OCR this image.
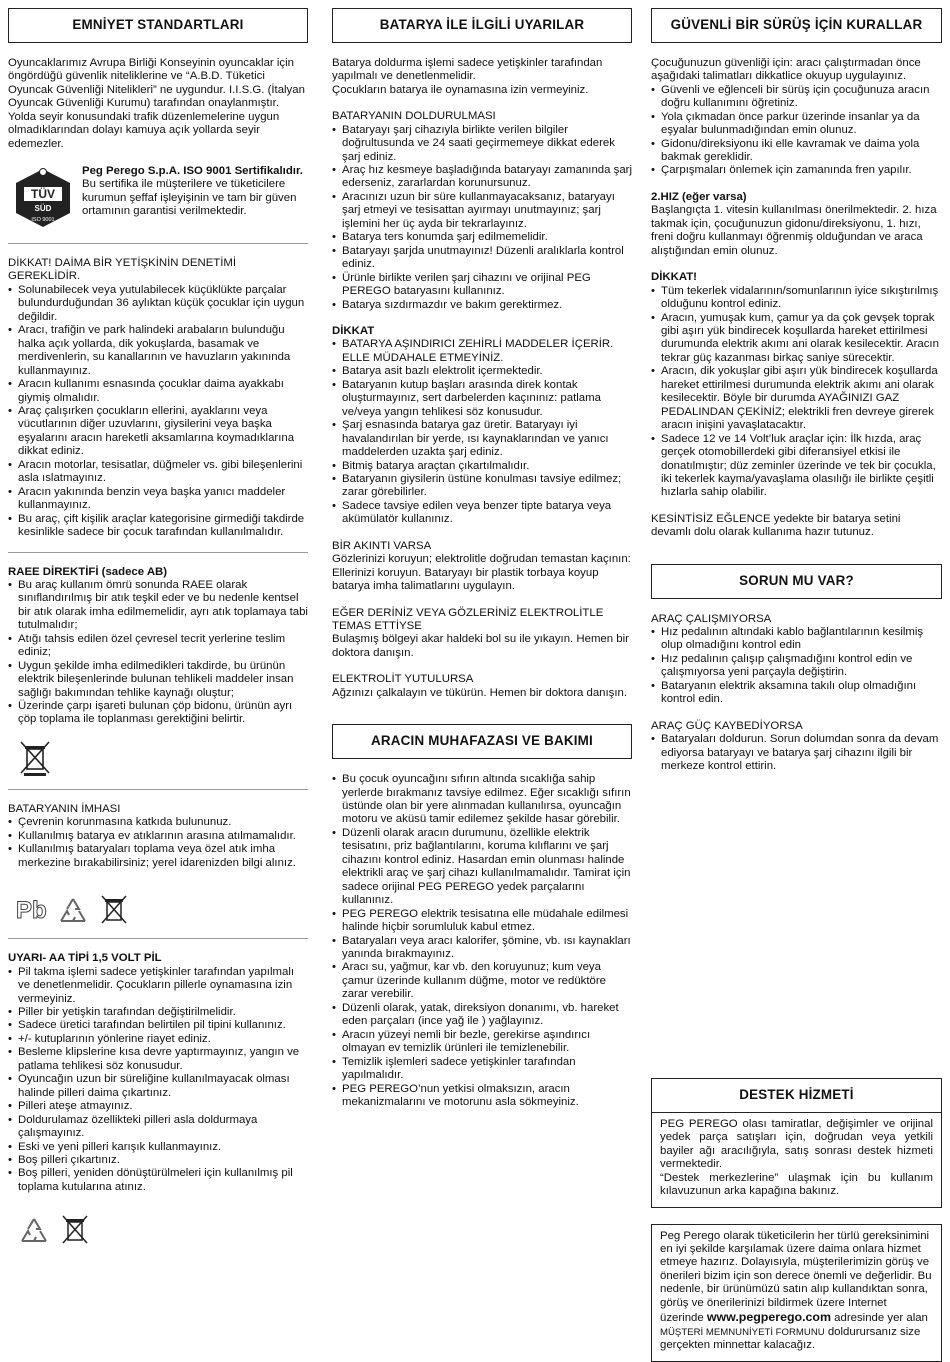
EMNİYET STANDARTLARI

Oyuncaklarımız Avrupa Birliği Konseyinin oyuncaklar için öngördüğü güvenlik niteliklerine ve “A.B.D. Tüketici Oyuncak Güvenliği Nitelikleri” ne uygundur. I.I.S.G. (İtalyan Oyuncak Güvenliği Kurumu) tarafından onaylanmıştır.

Yolda seyir konusundaki trafik düzenlemelerine uygun olmadıklarından dolayı kamuya açık yollarda seyir edemezler.

TÜV
SÜD
ISO 9001

Peg Perego S.p.A. ISO 9001 Sertifikalıdır.

Bu sertifika ile müşterilere ve tüketicilere kurumun şeffaf işleyişinin ve tam bir güven ortamının garantisi verilmektedir.

DİKKAT! DAİMA BİR YETİŞKİNİN DENETİMİ GEREKLİDİR.

• Solunabilecek veya yutulabilecek küçüklükte parçalar bulundurduğundan 36 aylıktan küçük çocuklar için uygun değildir.
• Aracı, trafiğin ve park halindeki arabaların bulunduğu halka açık yollarda, dik yokuşlarda, basamak ve merdivenlerin, su kanallarının ve havuzların yakınında kullanmayınız.
• Aracın kullanımı esnasında çocuklar daima ayakkabı giymiş olmalıdır.
• Araç çalışırken çocukların ellerini, ayaklarını veya vücutlarının diğer uzuvlarını, giysilerini veya başka eşyalarını aracın hareketli aksamlarına koymadıklarına dikkat ediniz.
• Aracın motorlar, tesisatlar, düğmeler vs. gibi bileşenlerini asla ıslatmayınız.
• Aracın yakınında benzin veya başka yanıcı maddeler kullanmayınız.
• Bu araç, çift kişilik araçlar kategorisine girmediği takdirde kesinlikle sadece bir çocuk tarafından kullanılmalıdır.

RAEE DİREKTİFİ (sadece AB)

• Bu araç kullanım ömrü sonunda RAEE olarak sınıflandırılmış bir atık teşkil eder ve bu nedenle kentsel bir atık olarak imha edilmemelidir, ayrı atık toplamaya tabi tutulmalıdır;
• Atığı tahsis edilen özel çevresel tecrit yerlerine teslim ediniz;
• Uygun şekilde imha edilmedikleri takdirde, bu ürünün elektrik bileşenlerinde bulunan tehlikeli maddeler insan sağlığı bakımından tehlike kaynağı oluştur;
• Üzerinde çarpı işareti bulunan çöp bidonu, ürünün ayrı çöp toplama ile toplanması gerektiğini belirtir.

BATARYANIN İMHASI

• Çevrenin korunmasına katkıda bulununuz.
• Kullanılmış batarya ev atıklarının arasına atılmamalıdır.
• Kullanılmış bataryaları toplama veya özel atık imha merkezine bırakabilirsiniz; yerel idarenizden bilgi alınız.
Pb

UYARI- AA TİPİ 1,5 VOLT PİL

• Pil takma işlemi sadece yetişkinler tarafından yapılmalı ve denetlenmelidir. Çocukların pillerle oynamasına izin vermeyiniz.
• Piller bir yetişkin tarafından değiştirilmelidir.
• Sadece üretici tarafından belirtilen pil tipini kullanınız.
• +/- kutuplarının yönlerine riayet ediniz.
• Besleme klipslerine kısa devre yaptırmayınız, yangın ve patlama tehlikesi söz konusudur.
• Oyuncağın uzun bir süreliğine kullanılmayacak olması halinde pilleri daima çıkartınız.
• Pilleri ateşe atmayınız.
• Doldurulamaz özellikteki pilleri asla doldurmaya çalışmayınız.
• Eski ve yeni pilleri karışık kullanmayınız.
• Boş pilleri çıkartınız.
• Boş pilleri, yeniden dönüştürülmeleri için kullanılmış pil toplama kutularına atınız.
BATARYA İLE İLGİLİ UYARILAR

Batarya doldurma işlemi sadece yetişkinler tarafından yapılmalı ve denetlenmelidir.

Çocukların batarya ile oynamasına izin vermeyiniz.

BATARYANIN DOLDURULMASI

• Bataryayı şarj cihazıyla birlikte verilen bilgiler doğrultusunda ve 24 saati geçirmemeye dikkat ederek şarj ediniz.
• Araç hız kesmeye başladığında bataryayı zamanında şarj ederseniz, zararlardan korunursunuz.
• Aracınızı uzun bir süre kullanmayacaksanız, bataryayı şarj etmeyi ve tesisattan ayırmayı unutmayınız; şarj işlemini her üç ayda bir tekrarlayınız.
• Batarya ters konumda şarj edilmemelidir.
• Bataryayı şarjda unutmayınız! Düzenli aralıklarla kontrol ediniz.
• Ürünle birlikte verilen şarj cihazını ve orijinal PEG PEREGO bataryasını kullanınız.
• Batarya sızdırmazdır ve bakım gerektirmez.

DİKKAT

• BATARYA AŞINDIRICI ZEHİRLİ MADDELER İÇERİR. ELLE MÜDAHALE ETMEYİNİZ.
• Batarya asit bazlı elektrolit içermektedir.
• Bataryanın kutup başları arasında direk kontak oluşturmayınız, sert darbelerden kaçınınız: patlama ve/veya yangın tehlikesi söz konusudur.
• Şarj esnasında batarya gaz üretir. Bataryayı iyi havalandırılan bir yerde, ısı kaynaklarından ve yanıcı maddelerden uzakta şarj ediniz.
• Bitmiş batarya araçtan çıkartılmalıdır.
• Bataryanın giysilerin üstüne konulması tavsiye edilmez; zarar görebilirler.
• Sadece tavsiye edilen veya benzer tipte batarya veya akümülatör kullanınız.

BİR AKINTI VARSA

Gözlerinizi koruyun; elektrolitle doğrudan temastan kaçının: Ellerinizi koruyun. Bataryayı bir plastik torbaya koyup batarya imha talimatlarını uygulayın.

EĞER DERİNİZ VEYA GÖZLERİNİZ ELEKTROLİTLE TEMAS ETTİYSE

Bulaşmış bölgeyi akar haldeki bol su ile yıkayın. Hemen bir doktora danışın.

ELEKTROLİT YUTULURSA

Ağzınızı çalkalayın ve tükürün. Hemen bir doktora danışın.

ARACIN MUHAFAZASI VE BAKIMI
• Bu çocuk oyuncağını sıfırın altında sıcaklığa sahip yerlerde bırakmanız tavsiye edilmez. Eğer sıcaklığı sıfırın üstünde olan bir yere alınmadan kullanılırsa, oyuncağın motoru ve aküsü tamir edilemez şekilde hasar görebilir.
• Düzenli olarak aracın durumunu, özellikle elektrik tesisatını, priz bağlantılarını, koruma kılıflarını ve şarj cihazını kontrol ediniz. Hasardan emin olunması halinde elektrikli araç ve şarj cihazı kullanılmamalıdır. Tamirat için sadece orijinal PEG PEREGO yedek parçalarını kullanınız.
• PEG PEREGO elektrik tesisatına elle müdahale edilmesi halinde hiçbir sorumluluk kabul etmez.
• Bataryaları veya aracı kalorifer, şömine, vb. ısı kaynakları yanında bırakmayınız.
• Aracı su, yağmur, kar vb. den koruyunuz; kum veya çamur üzerinde kullanım düğme, motor ve redüktöre zarar verebilir.
• Düzenli olarak, yatak, direksiyon donanımı, vb. hareket eden parçaları (ince yağ ile ) yağlayınız.
• Aracın yüzeyi nemli bir bezle, gerekirse aşındırıcı olmayan ev temizlik ürünleri ile temizlenebilir.
• Temizlik işlemleri sadece yetişkinler tarafından yapılmalıdır.
• PEG PEREGO’nun yetkisi olmaksızın, aracın mekanizmalarını ve motorunu asla sökmeyiniz.
GÜVENLİ BİR SÜRÜŞ İÇİN KURALLAR

Çocuğunuzun güvenliği için: aracı çalıştırmadan önce aşağıdaki talimatları dikkatlice okuyup uygulayınız.

• Güvenli ve eğlenceli bir sürüş için çocuğunuza aracın doğru kullanımını öğretiniz.
• Yola çıkmadan önce parkur üzerinde insanlar ya da eşyalar bulunmadığından emin olunuz.
• Gidonu/direksiyonu iki elle kavramak ve daima yola bakmak gereklidir.
• Çarpışmaları önlemek için zamanında fren yapılır.

2.HIZ (eğer varsa)

Başlangıçta 1. vitesin kullanılması önerilmektedir. 2. hıza takmak için, çocuğunuzun gidonu/direksiyonu, 1. hızı, freni doğru kullanmayı öğrenmiş olduğundan ve araca alıştığından emin olunuz.

DİKKAT!

• Tüm tekerlek vidalarının/somunlarının iyice sıkıştırılmış olduğunu kontrol ediniz.
• Aracın, yumuşak kum, çamur ya da çok gevşek toprak gibi aşırı yük bindirecek koşullarda hareket ettirilmesi durumunda elektrik akımı ani olarak kesilecektir. Aracın tekrar güç kazanması birkaç saniye sürecektir.
• Aracın, dik yokuşlar gibi aşırı yük bindirecek koşullarda hareket ettirilmesi durumunda elektrik akımı ani olarak kesilecektir. Böyle bir durumda AYAĞINIZI GAZ PEDALINDAN ÇEKİNİZ; elektrikli fren devreye girerek aracın inişini yavaşlatacaktır.
• Sadece 12 ve 14 Volt’luk araçlar için: İlk hızda, araç gerçek otomobillerdeki gibi diferansiyel etkisi ile donatılmıştır; düz zeminler üzerinde ve tek bir çocukla, iki tekerlek kayma/yavaşlama olasılığı ile birlikte çeşitli hızlarla sahip olabilir.

KESİNTİSİZ EĞLENCE yedekte bir batarya setini devamlı dolu olarak kullanıma hazır tutunuz.

SORUN MU VAR?

ARAÇ ÇALIŞMIYORSA

• Hız pedalının altındaki kablo bağlantılarının kesilmiş olup olmadığını kontrol edin
• Hız pedalının çalışıp çalışmadığını kontrol edin ve çalışmıyorsa yeni parçayla değiştirin.
• Bataryanın elektrik aksamına takılı olup olmadığını kontrol edin.

ARAÇ GÜÇ KAYBEDİYORSA

• Bataryaları doldurun. Sorun dolumdan sonra da devam ediyorsa bataryayı ve batarya şarj cihazını ilgili bir merkeze kontrol ettirin.
DESTEK HİZMETİ

PEG PEREGO olası tamiratlar, değişimler ve orijinal yedek parça satışları için, doğrudan veya yetkili bayiler ağı aracılığıyla, satış sonrası destek hizmeti vermektedir.

“Destek merkezlerine” ulaşmak için bu kullanım kılavuzunun arka kapağına bakınız.

Peg Perego olarak tüketicilerin her türlü gereksinimini en iyi şekilde karşılamak üzere daima onlara hizmet etmeye hazırız. Dolayısıyla, müşterilerimizin görüş ve önerileri bizim için son derece önemli ve değerlidir. Bu nedenle, bir ürünümüzü satın alıp kullandıktan sonra, görüş ve önerilerinizi bildirmek üzere Internet üzerinde www.pegperego.com adresinde yer alan MÜŞTERİ MEMNUNİYETİ FORMUNU doldurursanız size gerçekten minnettar kalacağız.
